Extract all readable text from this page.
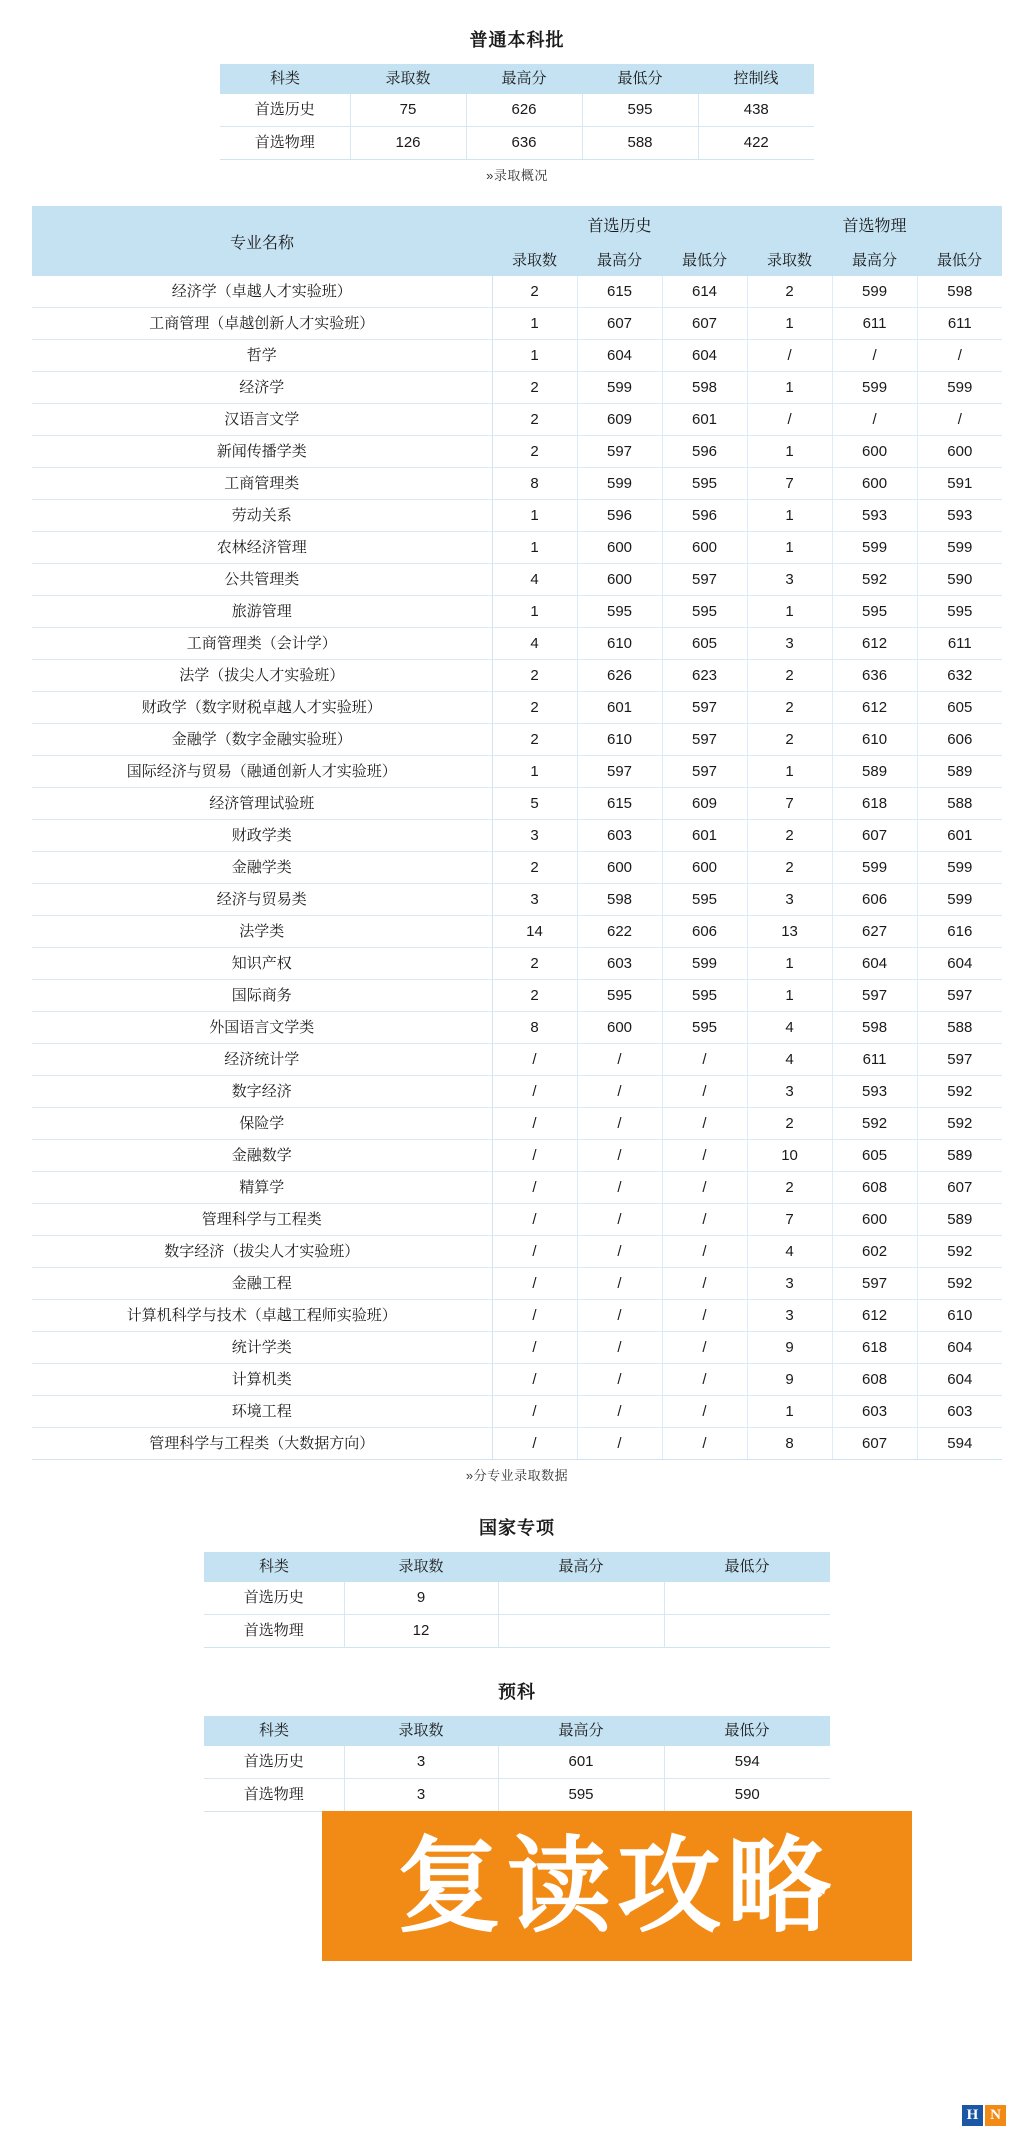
普通本科批
科类	录取数	最高分	最低分	控制线
首选历史	75	626	595	438
首选物理	126	636	588	422
»录取概况
专业名称	首选历史			首选物理		
	录取数	最高分	最低分	录取数	最高分	最低分
经济学（卓越人才实验班）	2	615	614	2	599	598
工商管理（卓越创新人才实验班）	1	607	607	1	611	611
哲学	1	604	604	/	/	/
经济学	2	599	598	1	599	599
汉语言文学	2	609	601	/	/	/
新闻传播学类	2	597	596	1	600	600
工商管理类	8	599	595	7	600	591
劳动关系	1	596	596	1	593	593
农林经济管理	1	600	600	1	599	599
公共管理类	4	600	597	3	592	590
旅游管理	1	595	595	1	595	595
工商管理类（会计学）	4	610	605	3	612	611
法学（拔尖人才实验班）	2	626	623	2	636	632
财政学（数字财税卓越人才实验班）	2	601	597	2	612	605
金融学（数字金融实验班）	2	610	597	2	610	606
国际经济与贸易（融通创新人才实验班）	1	597	597	1	589	589
经济管理试验班	5	615	609	7	618	588
财政学类	3	603	601	2	607	601
金融学类	2	600	600	2	599	599
经济与贸易类	3	598	595	3	606	599
法学类	14	622	606	13	627	616
知识产权	2	603	599	1	604	604
国际商务	2	595	595	1	597	597
外国语言文学类	8	600	595	4	598	588
经济统计学	/	/	/	4	611	597
数字经济	/	/	/	3	593	592
保险学	/	/	/	2	592	592
金融数学	/	/	/	10	605	589
精算学	/	/	/	2	608	607
管理科学与工程类	/	/	/	7	600	589
数字经济（拔尖人才实验班）	/	/	/	4	602	592
金融工程	/	/	/	3	597	592
计算机科学与技术（卓越工程师实验班）	/	/	/	3	612	610
统计学类	/	/	/	9	618	604
计算机类	/	/	/	9	608	604
环境工程	/	/	/	1	603	603
管理科学与工程类（大数据方向）	/	/	/	8	607	594
»分专业录取数据
国家专项
科类	录取数	最高分	最低分
首选历史	9		
首选物理	12		
预科
科类	录取数	最高分	最低分
首选历史	3	601	594
首选物理	3	595	590
复读攻略
H N
